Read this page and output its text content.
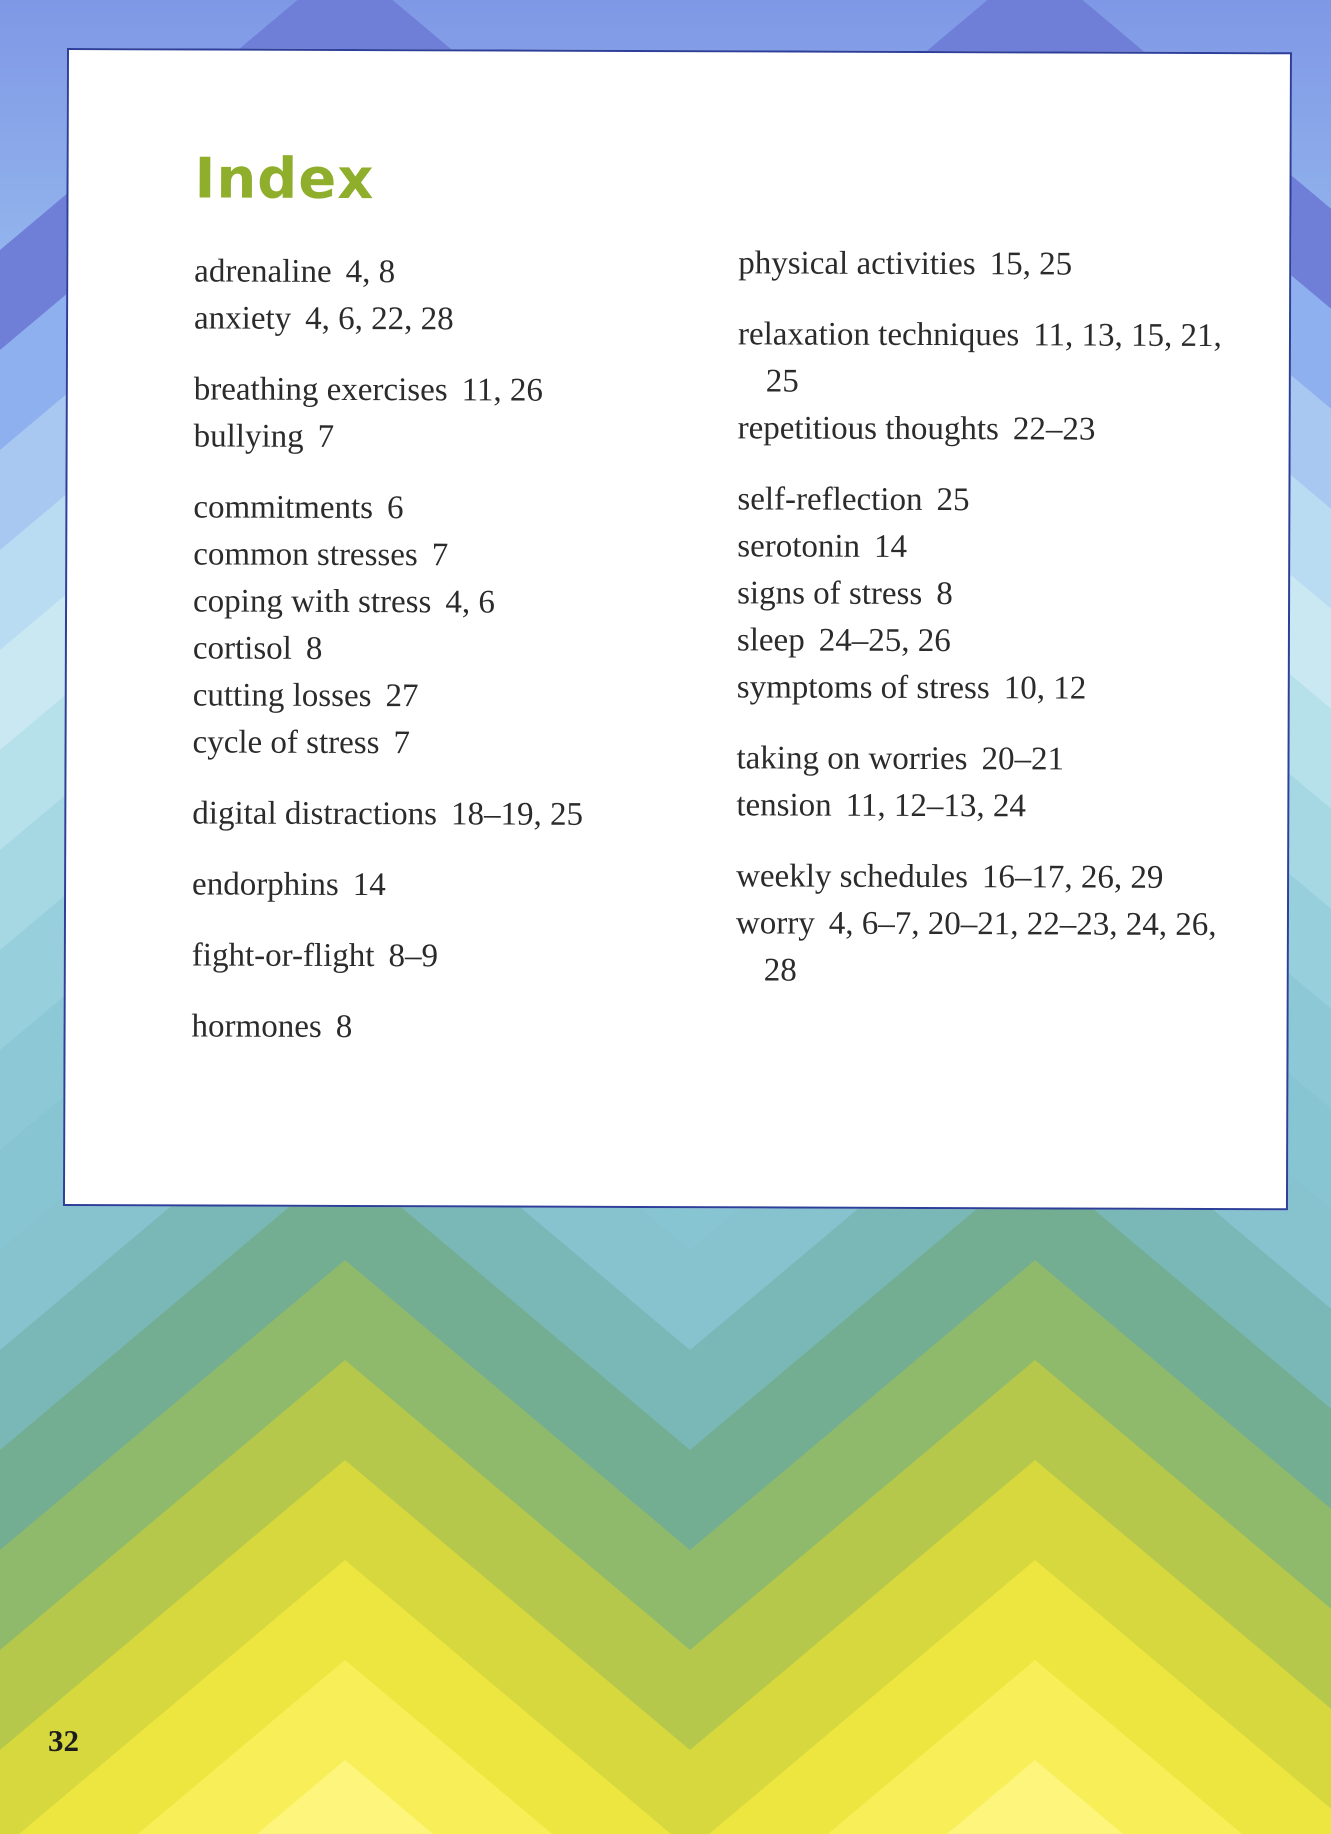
Index

adrenaline 4, 8

anxiety 4, 6, 22, 28

breathing exercises 11, 26

bullying 7

commitments 6

common stresses 7

coping with stress 4, 6

cortisol 8

cutting losses 27

cycle of stress 7

digital distractions 18–19, 25

endorphins 14

fight-or-flight 8–9

hormones 8

physical activities 15, 25

relaxation techniques 11, 13, 15, 21, 25

repetitious thoughts 22–23

self-reflection 25

serotonin 14

signs of stress 8

sleep 24–25, 26

symptoms of stress 10, 12

taking on worries 20–21

tension 11, 12–13, 24

weekly schedules 16–17, 26, 29

worry 4, 6–7, 20–21, 22–23, 24, 26, 28

32
